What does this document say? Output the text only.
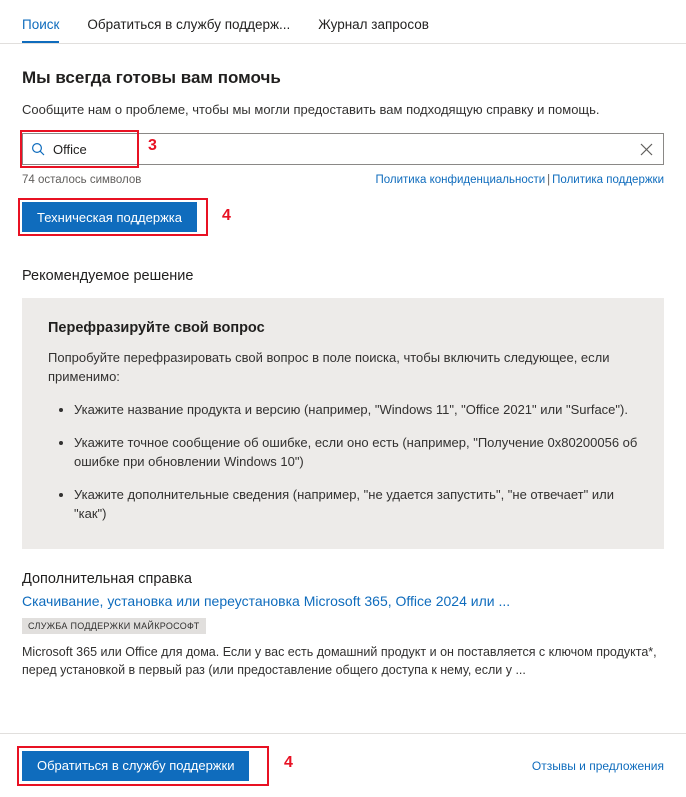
Поиск Обратиться в службу поддерж... Журнал запросов
Мы всегда готовы вам помочь

Сообщите нам о проблеме, чтобы мы могли предоставить вам подходящую справку и помощь.

Office
3
74 осталось символов	Политика конфиденциальности | Политика поддержки
Техническая поддержка	4
Рекомендуемое решение
Перефразируйте свой вопрос

Попробуйте перефразировать свой вопрос в поле поиска, чтобы включить следующее, если применимо:

• Укажите название продукта и версию (например, "Windows 11", "Office 2021" или "Surface").
• Укажите точное сообщение об ошибке, если оно есть (например, "Получение 0x80200056 об ошибке при обновлении Windows 10")
• Укажите дополнительные сведения (например, "не удается запустить", "не отвечает" или "как")
Дополнительная справка
Скачивание, установка или переустановка Microsoft 365, Office 2024 или ...
СЛУЖБА ПОДДЕРЖКИ МАЙКРОСОФТ

Microsoft 365 или Office для дома. Если у вас есть домашний продукт и он поставляется с ключом продукта*, перед установкой в первый раз (или предоставление общего доступа к нему, если у ...

Обратиться в службу поддержки	4	Отзывы и предложения
